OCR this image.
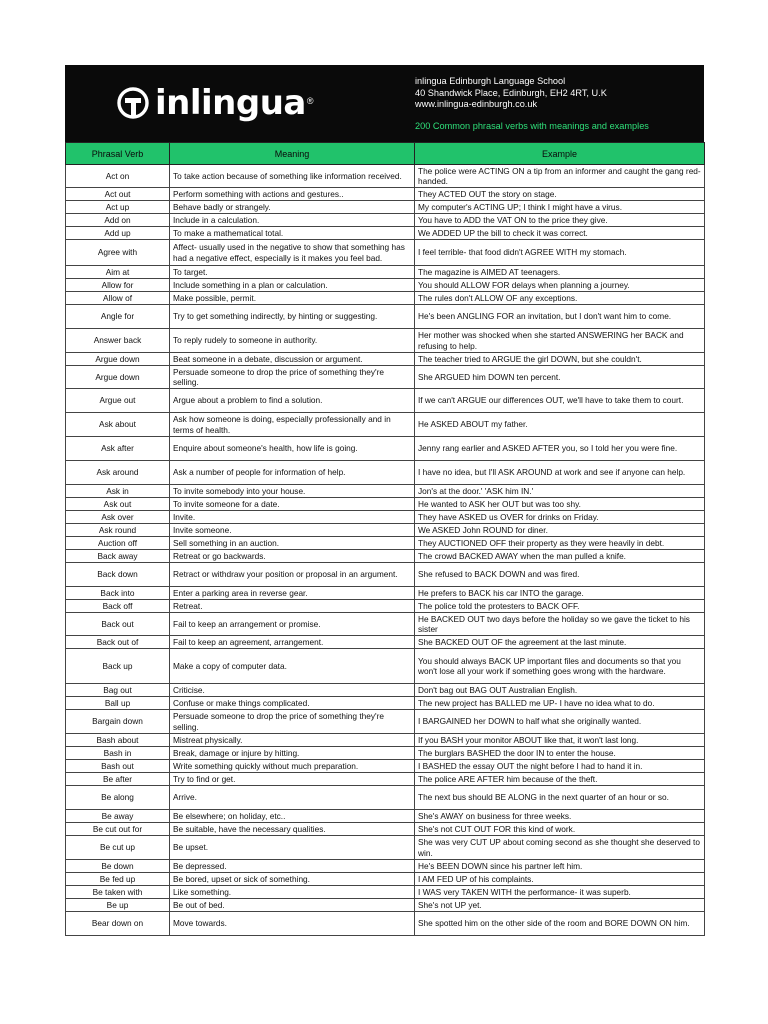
inlingua ®
inlingua Edinburgh Language School
40 Shandwick Place, Edinburgh, EH2 4RT, U.K
www.inlingua-edinburgh.co.uk
200 Common phrasal verbs with meanings and examples
Phrasal Verb	Meaning	Example
Act on	To take action because of something like information received.	The police were ACTING ON a tip from an informer and caught the gang red-handed.
Act out	Perform something with actions and gestures..	They ACTED OUT the story on stage.
Act up	Behave badly or strangely.	My computer's ACTING UP; I think I might have a virus.
Add on	Include in a calculation.	You have to ADD the VAT ON to the price they give.
Add up	To make a mathematical total.	We ADDED UP the bill to check it was correct.
Agree with	Affect- usually used in the negative to show that something has had a negative effect, especially is it makes you feel bad.	I feel terrible- that food didn't AGREE WITH my stomach.
Aim at	To target.	The magazine is AIMED AT teenagers.
Allow for	Include something in a plan or calculation.	You should ALLOW FOR delays when planning a journey.
Allow of	Make possible, permit.	The rules don't ALLOW OF any exceptions.
Angle for	Try to get something indirectly, by hinting or suggesting.	He's been ANGLING FOR an invitation, but I don't want him to come.
Answer back	To reply rudely to someone in authority.	Her mother was shocked when she started ANSWERING her BACK and refusing to help.
Argue down	Beat someone in a debate, discussion or argument.	The teacher tried to ARGUE the girl DOWN, but she couldn't.
Argue down	Persuade someone to drop the price of something they're selling.	She ARGUED him DOWN ten percent.
Argue out	Argue about a problem to find a solution.	If we can't ARGUE our differences OUT, we'll have to take them to court.
Ask about	Ask how someone is doing, especially professionally and in terms of health.	He ASKED ABOUT my father.
Ask after	Enquire about someone's health, how life is going.	Jenny rang earlier and ASKED AFTER you, so I told her you were fine.
Ask around	Ask a number of people for information of help.	I have no idea, but I'll ASK AROUND at work and see if anyone can help.
Ask in	To invite somebody into your house.	Jon's at the door.' 'ASK him IN.'
Ask out	To invite someone for a date.	He wanted to ASK her OUT but was too shy.
Ask over	Invite.	They have ASKED us OVER for drinks on Friday.
Ask round	Invite someone.	We ASKED John ROUND for diner.
Auction off	Sell something in an auction.	They AUCTIONED OFF their property as they were heavily in debt.
Back away	Retreat or go backwards.	The crowd BACKED AWAY when the man pulled a knife.
Back down	Retract or withdraw your position or proposal in an argument.	She refused to BACK DOWN and was fired.
Back into	Enter a parking area in reverse gear.	He prefers to BACK his car INTO the garage.
Back off	Retreat.	The police told the protesters to BACK OFF.
Back out	Fail to keep an arrangement or promise.	He BACKED OUT two days before the holiday so we gave the ticket to his sister
Back out of	Fail to keep an agreement, arrangement.	She BACKED OUT OF the agreement at the last minute.
Back up	Make a copy of computer data.	You should always BACK UP important files and documents so that you won't lose all your work if something goes wrong with the hardware.
Bag out	Criticise.	Don't bag out BAG OUT Australian English.
Ball up	Confuse or make things complicated.	The new project has BALLED me UP- I have no idea what to do.
Bargain down	Persuade someone to drop the price of something they're selling.	I BARGAINED her DOWN to half what she originally wanted.
Bash about	Mistreat physically.	If you BASH your monitor ABOUT like that, it won't last long.
Bash in	Break, damage or injure by hitting.	The burglars BASHED the door IN to enter the house.
Bash out	Write something quickly without much preparation.	I BASHED the essay OUT the night before I had to hand it in.
Be after	Try to find or get.	The police ARE AFTER him because of the theft.
Be along	Arrive.	The next bus should BE ALONG in the next quarter of an hour or so.
Be away	Be elsewhere; on holiday, etc..	She's AWAY on business for three weeks.
Be cut out for	Be suitable, have the necessary qualities.	She's not CUT OUT FOR this kind of work.
Be cut up	Be upset.	She was very CUT UP about coming second as she thought she deserved to win.
Be down	Be depressed.	He's BEEN DOWN since his partner left him.
Be fed up	Be bored, upset or sick of something.	I AM FED UP of his complaints.
Be taken with	Like something.	I WAS very TAKEN WITH the performance- it was superb.
Be up	Be out of bed.	She's not UP yet.
Bear down on	Move towards.	She spotted him on the other side of the room and BORE DOWN ON him.
